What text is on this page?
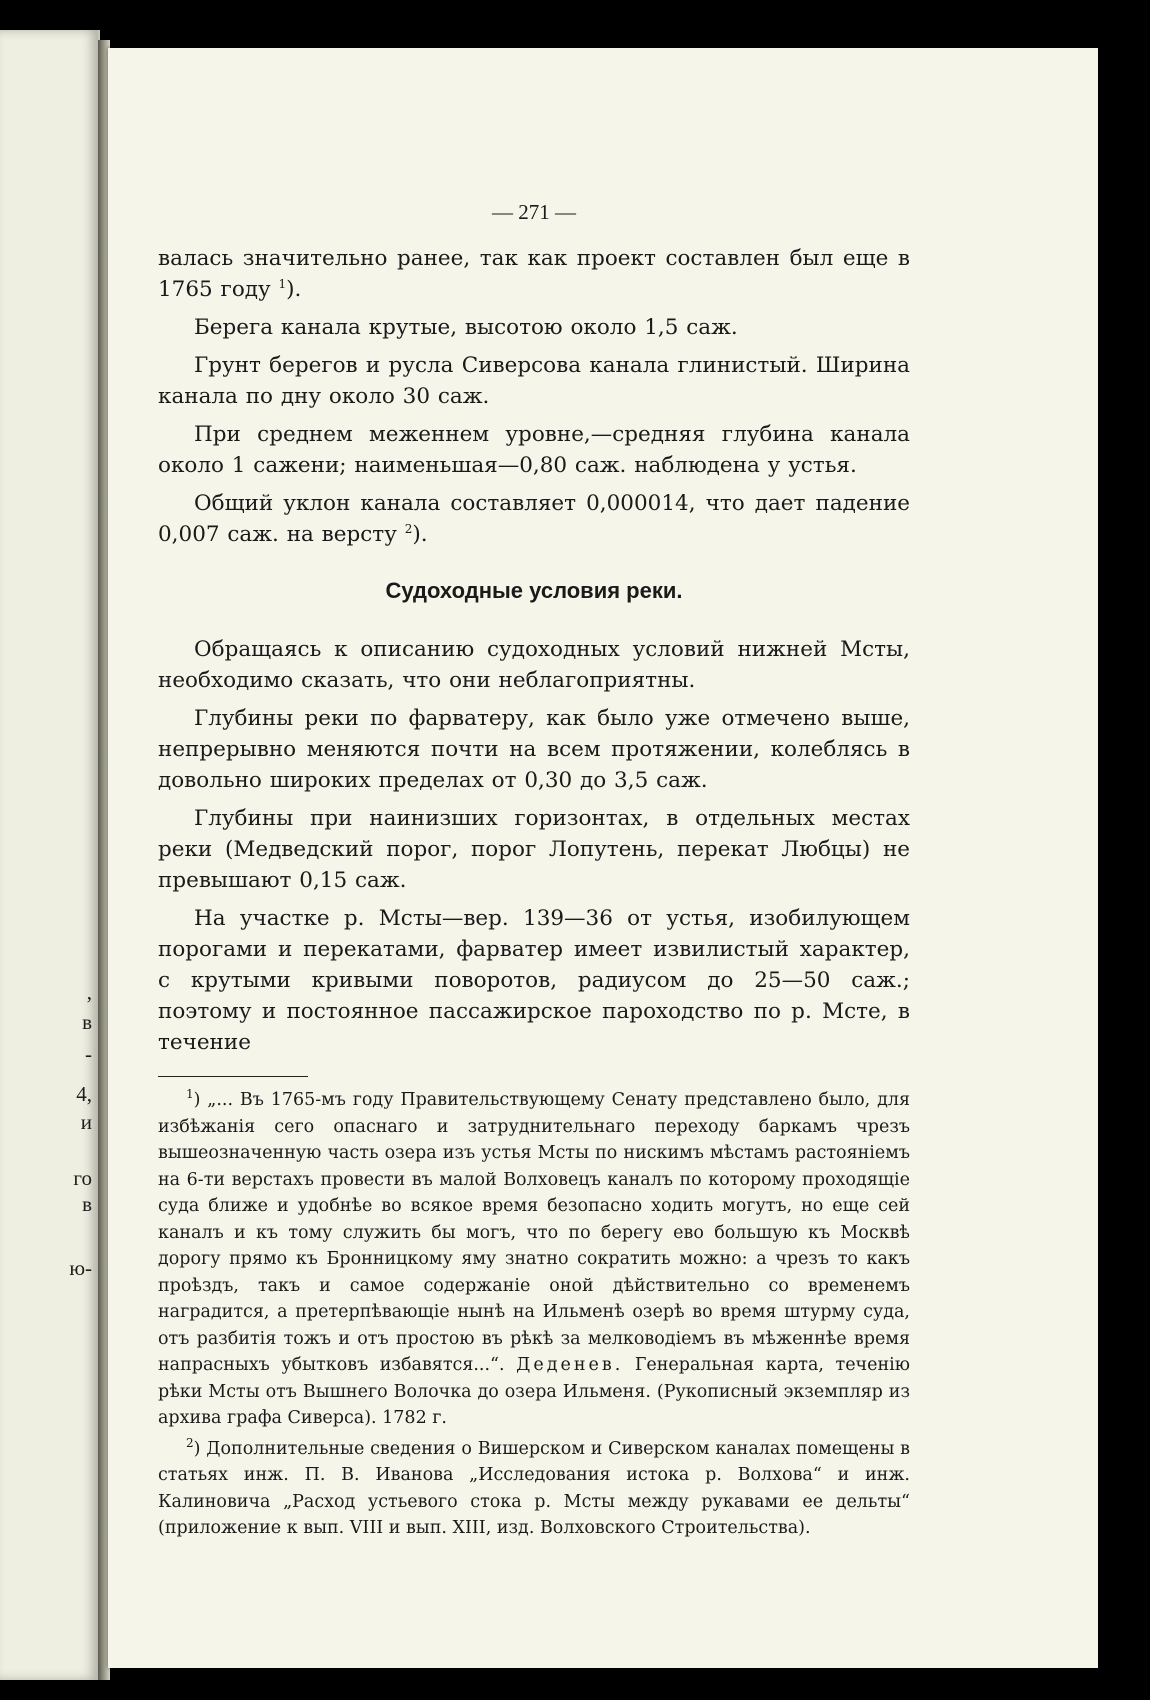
,
в
-
4,
и
го
в
ю-
— 271 —

валась значительно ранее, так как проект составлен был еще в 1765 году $^1$).

Берега канала крутые, высотою около 1,5 саж.

Грунт берегов и русла Сиверсова канала глинистый. Ширина канала по дну около 30 саж.

При среднем меженнем уровне,—средняя глубина канала около 1 сажени; наименьшая—0,80 саж. наблюдена у устья.

Общий уклон канала составляет 0,000014, что дает падение 0,007 саж. на версту $^2$).

Судоходные условия реки.

Обращаясь к описанию судоходных условий нижней Мсты, необходимо сказать, что они неблагоприятны.

Глубины реки по фарватеру, как было уже отмечено выше, непрерывно меняются почти на всем протяжении, колеблясь в довольно широких пределах от 0,30 до 3,5 саж.

Глубины при наинизших горизонтах, в отдельных местах реки (Медведский порог, порог Лопутень, перекат Любцы) не превышают 0,15 саж.

На участке р. Мсты—вер. 139—36 от устья, изобилующем порогами и перекатами, фарватер имеет извилистый характер, с крутыми кривыми поворотов, радиусом до 25—50 саж.; поэтому и постоянное пассажирское пароходство по р. Мсте, в течение

$^1$) „... Въ 1765-мъ году Правительствующему Сенату представлено было, для избѣжанія сего опаснаго и затруднительнаго переходу баркамъ чрезъ вышеозначенную часть озера изъ устья Мсты по нискимъ мѣстамъ растояніемъ на 6-ти верстахъ провести въ малой Волховецъ каналъ по которому проходящіе суда ближе и удобнѣе во всякое время безопасно ходить могутъ, но еще сей каналъ и къ тому служить бы могъ, что по берегу ево большую къ Москвѣ дорогу прямо къ Бронницкому яму знатно сократить можно: а чрезъ то какъ проѣздъ, такъ и самое содержаніе оной дѣйствительно со временемъ наградится, а претерпѣвающіе нынѣ на Ильменѣ озерѣ во время штурму суда, отъ разбитія тожъ и отъ простою въ рѣкѣ за мелководіемъ въ мѣженнѣе время напрасныхъ убытковъ избавятся...“. Деденев. Генеральная карта, теченію рѣки Мсты отъ Вышнего Волочка до озера Ильменя. (Рукописный экземпляр из архива графа Сиверса). 1782 г.

$^2$) Дополнительные сведения о Вишерском и Сиверском каналах помещены в статьях инж. П. В. Иванова „Исследования истока р. Волхова“ и инж. Калиновича „Расход устьевого стока р. Мсты между рукавами ее дельты“ (приложение к вып. VIII и вып. XIII, изд. Волховского Строительства).
